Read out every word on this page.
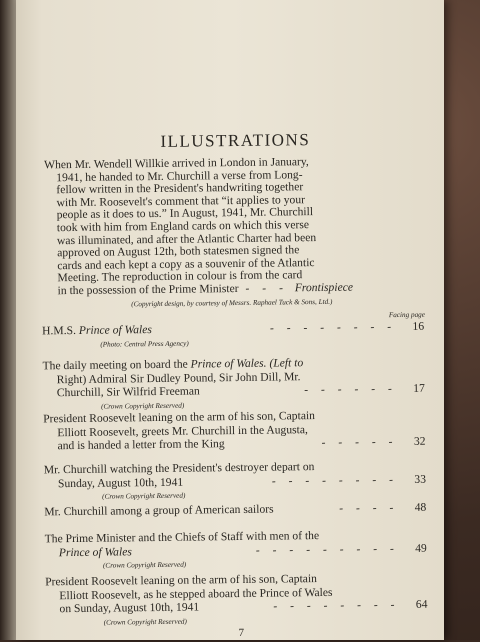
ILLUSTRATIONS
When Mr. Wendell Willkie arrived in London in January,
1941, he handed to Mr. Churchill a verse from Long-
fellow written in the President's handwriting together
with Mr. Roosevelt's comment that “it applies to your
people as it does to us.” In August, 1941, Mr. Churchill
took with him from England cards on which this verse
was illuminated, and after the Atlantic Charter had been
approved on August 12th, both statesmen signed the
cards and each kept a copy as a souvenir of the Atlantic
Meeting. The reproduction in colour is from the card
in the possession of the Prime Minister - - - Frontispiece
(Copyright design, by courtesy of Messrs. Raphael Tuck & Sons, Ltd.)
Facing page
H.M.S. Prince of Wales	- - - - - - - -	16
(Photo: Central Press Agency)
The daily meeting on board the Prince of Wales. (Left to
Right) Admiral Sir Dudley Pound, Sir John Dill, Mr.
Churchill, Sir Wilfrid Freeman	- - - - - -	17
(Crown Copyright Reserved)
President Roosevelt leaning on the arm of his son, Captain
Elliott Roosevelt, greets Mr. Churchill in the Augusta,
and is handed a letter from the King	- - - - -	32
Mr. Churchill watching the President's destroyer depart on
Sunday, August 10th, 1941	- - - - - - - -	33
(Crown Copyright Reserved)
Mr. Churchill among a group of American sailors	- - - -	48
The Prime Minister and the Chiefs of Staff with men of the
Prince of Wales	- - - - - - - - -	49
(Crown Copyright Reserved)
President Roosevelt leaning on the arm of his son, Captain
Elliott Roosevelt, as he stepped aboard the Prince of Wales
on Sunday, August 10th, 1941	- - - - - - - -	64
(Crown Copyright Reserved)
7
